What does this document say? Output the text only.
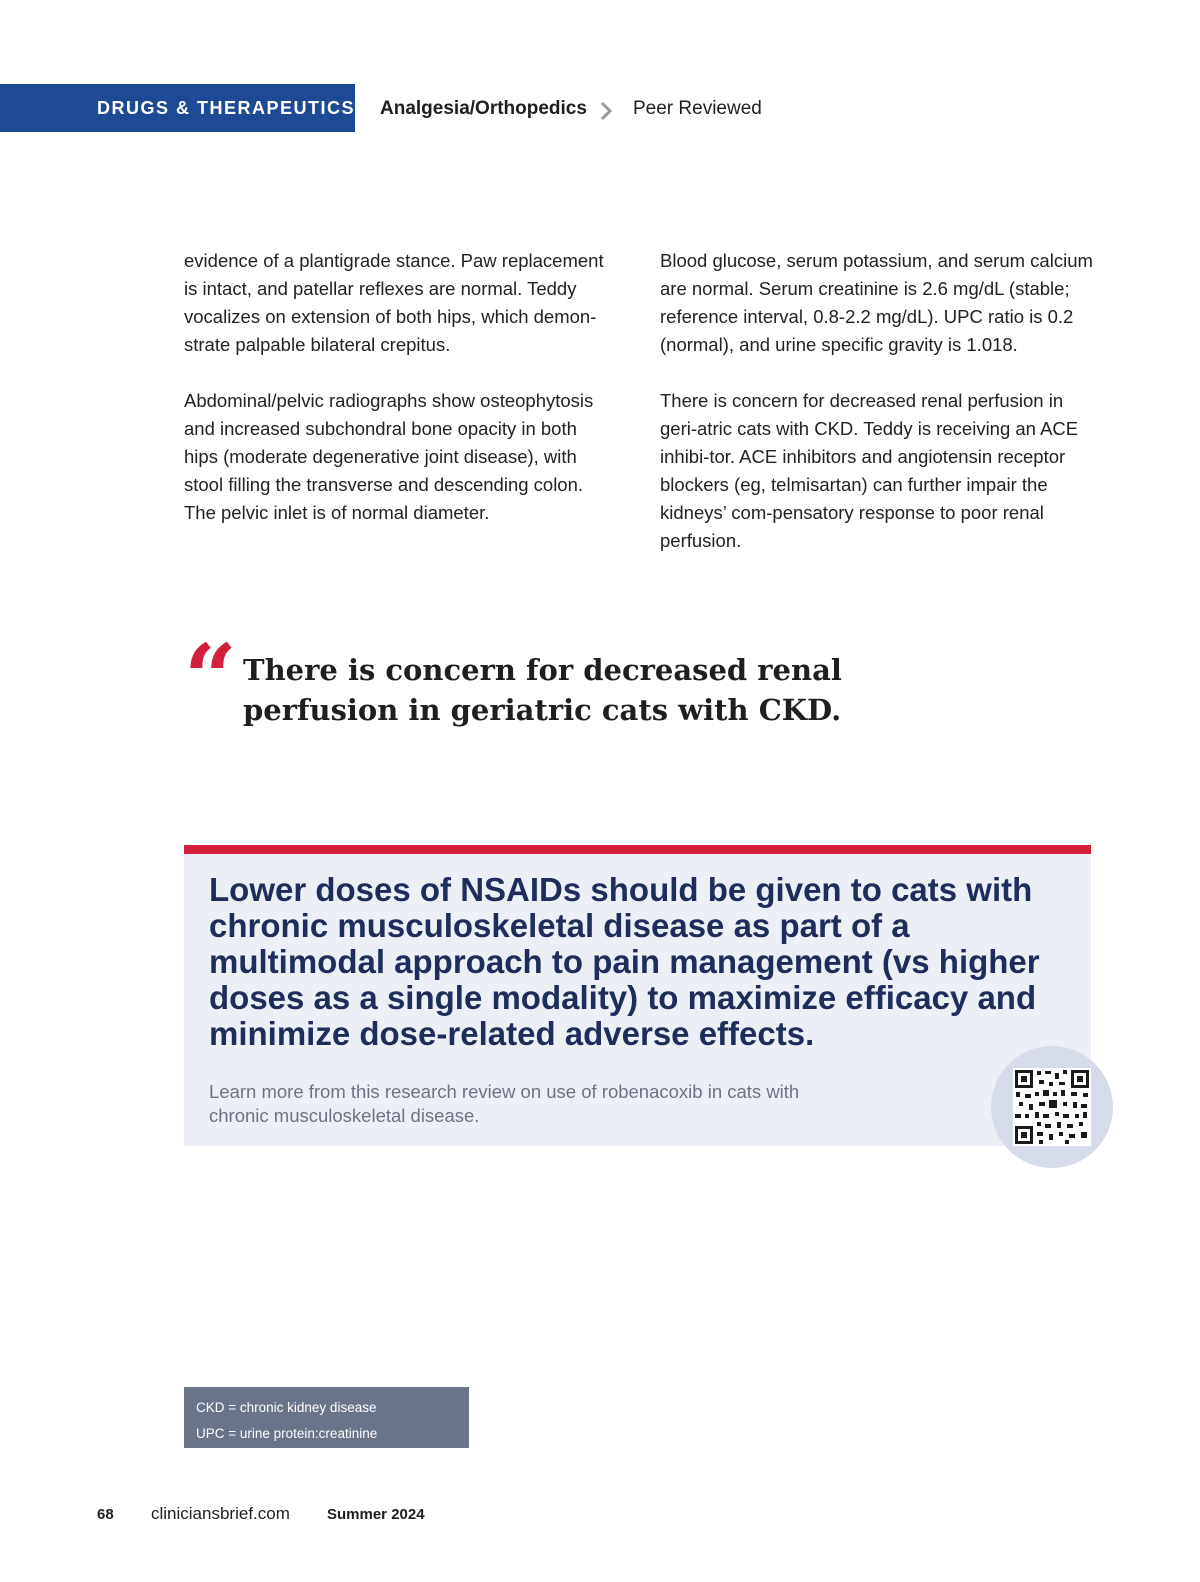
DRUGS & THERAPEUTICS Analgesia/Orthopedics Peer Reviewed

evidence of a plantigrade stance. Paw replacement is intact, and patellar reflexes are normal. Teddy vocalizes on extension of both hips, which demon-strate palpable bilateral crepitus.

Abdominal/pelvic radiographs show osteophytosis and increased subchondral bone opacity in both hips (moderate degenerative joint disease), with stool filling the transverse and descending colon. The pelvic inlet is of normal diameter.

Blood glucose, serum potassium, and serum calcium are normal. Serum creatinine is 2.6 mg/dL (stable; reference interval, 0.8-2.2 mg/dL). UPC ratio is 0.2 (normal), and urine specific gravity is 1.018.

There is concern for decreased renal perfusion in geri-atric cats with CKD. Teddy is receiving an ACE inhibi-tor. ACE inhibitors and angiotensin receptor blockers (eg, telmisartan) can further impair the kidneys’ com-pensatory response to poor renal perfusion.

“ There is concern for decreased renal perfusion in geriatric cats with CKD.
Lower doses of NSAIDs should be given to cats with chronic musculoskeletal disease as part of a multimodal approach to pain management (vs higher doses as a single modality) to maximize efficacy and minimize dose-related adverse effects.
Learn more from this research review on use of robenacoxib in cats with chronic musculoskeletal disease.
CKD = chronic kidney disease
UPC = urine protein:creatinine
68 cliniciansbrief.com Summer 2024
